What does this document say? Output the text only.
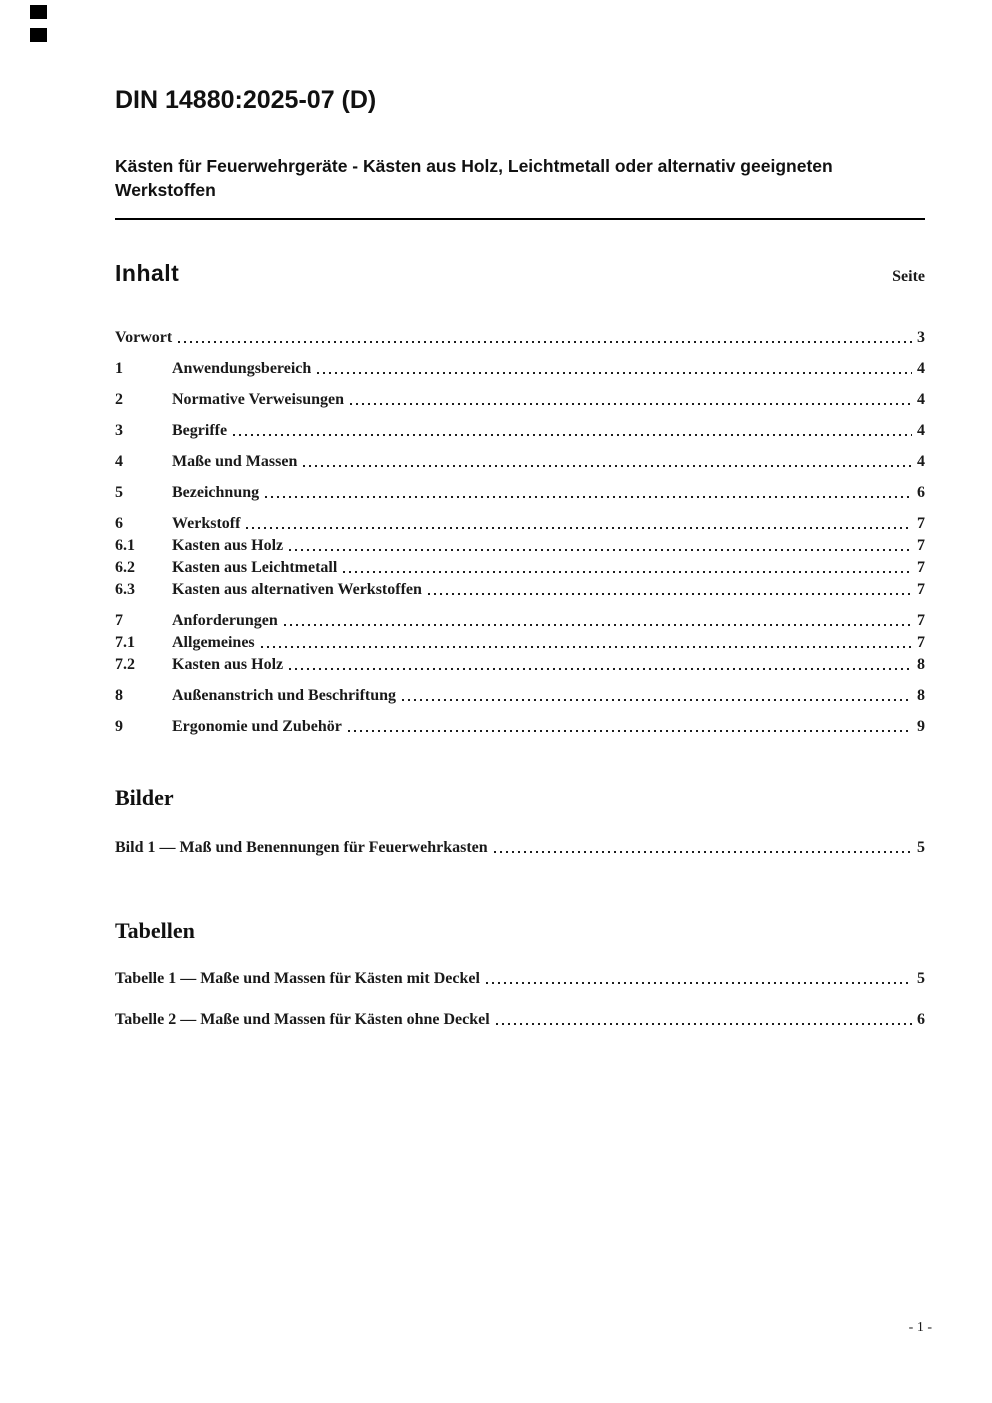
DIN 14880:2025-07 (D)
Kästen für Feuerwehrgeräte - Kästen aus Holz, Leichtmetall oder alternativ geeigneten Werkstoffen
Inhalt	Seite
Vorwort	3
1	Anwendungsbereich	4
2	Normative Verweisungen	4
3	Begriffe	4
4	Maße und Massen	4
5	Bezeichnung	6
6	Werkstoff	7
6.1	Kasten aus Holz	7
6.2	Kasten aus Leichtmetall	7
6.3	Kasten aus alternativen Werkstoffen	7
7	Anforderungen	7
7.1	Allgemeines	7
7.2	Kasten aus Holz	8
8	Außenanstrich und Beschriftung	8
9	Ergonomie und Zubehör	9
Bilder
Bild 1 — Maß und Benennungen für Feuerwehrkasten	5
Tabellen
Tabelle 1 — Maße und Massen für Kästen mit Deckel	5
Tabelle 2 — Maße und Massen für Kästen ohne Deckel	6
- 1 -
